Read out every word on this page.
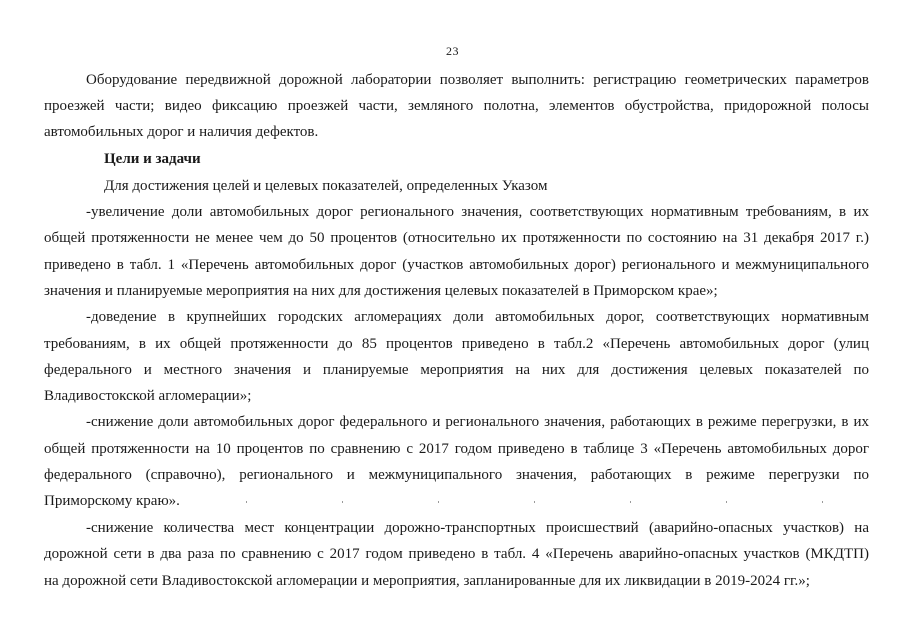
23
Оборудование передвижной дорожной лаборатории позволяет выполнить: регистрацию геометрических параметров
проезжей части; видео фиксацию проезжей части, земляного полотна, элементов обустройства, придорожной полосы
автомобильных дорог и наличия дефектов.
Цели и задачи
Для достижения целей и целевых показателей, определенных Указом
-увеличение доли автомобильных дорог регионального значения, соответствующих нормативным требованиям, в их
общей протяженности не менее чем до 50 процентов (относительно их протяженности по состоянию на 31 декабря 2017 г.)
приведено в табл. 1 «Перечень автомобильных дорог (участков автомобильных дорог) регионального и межмуниципального
значения и планируемые мероприятия на них для достижения целевых показателей в Приморском крае»;
-доведение в крупнейших городских агломерациях доли автомобильных дорог, соответствующих нормативным
требованиям, в их общей протяженности до 85 процентов приведено в табл.2 «Перечень автомобильных дорог (улиц
федерального и местного значения и планируемые мероприятия на них для достижения целевых показателей по
Владивостокской агломерации»;
-снижение доли автомобильных дорог федерального и регионального значения, работающих в режиме перегрузки, в их
общей протяженности на 10 процентов по сравнению с 2017 годом приведено в таблице 3 «Перечень автомобильных дорог
федерального (справочно), регионального и межмуниципального значения, работающих в режиме перегрузки по
Приморскому краю».
-снижение количества мест концентрации дорожно-транспортных происшествий (аварийно-опасных участков) на
дорожной сети в два раза по сравнению с 2017 годом приведено в табл. 4 «Перечень аварийно-опасных участков (МКДТП)
на дорожной сети Владивостокской агломерации и мероприятия, запланированные для их ликвидации в 2019-2024 гг.»;
